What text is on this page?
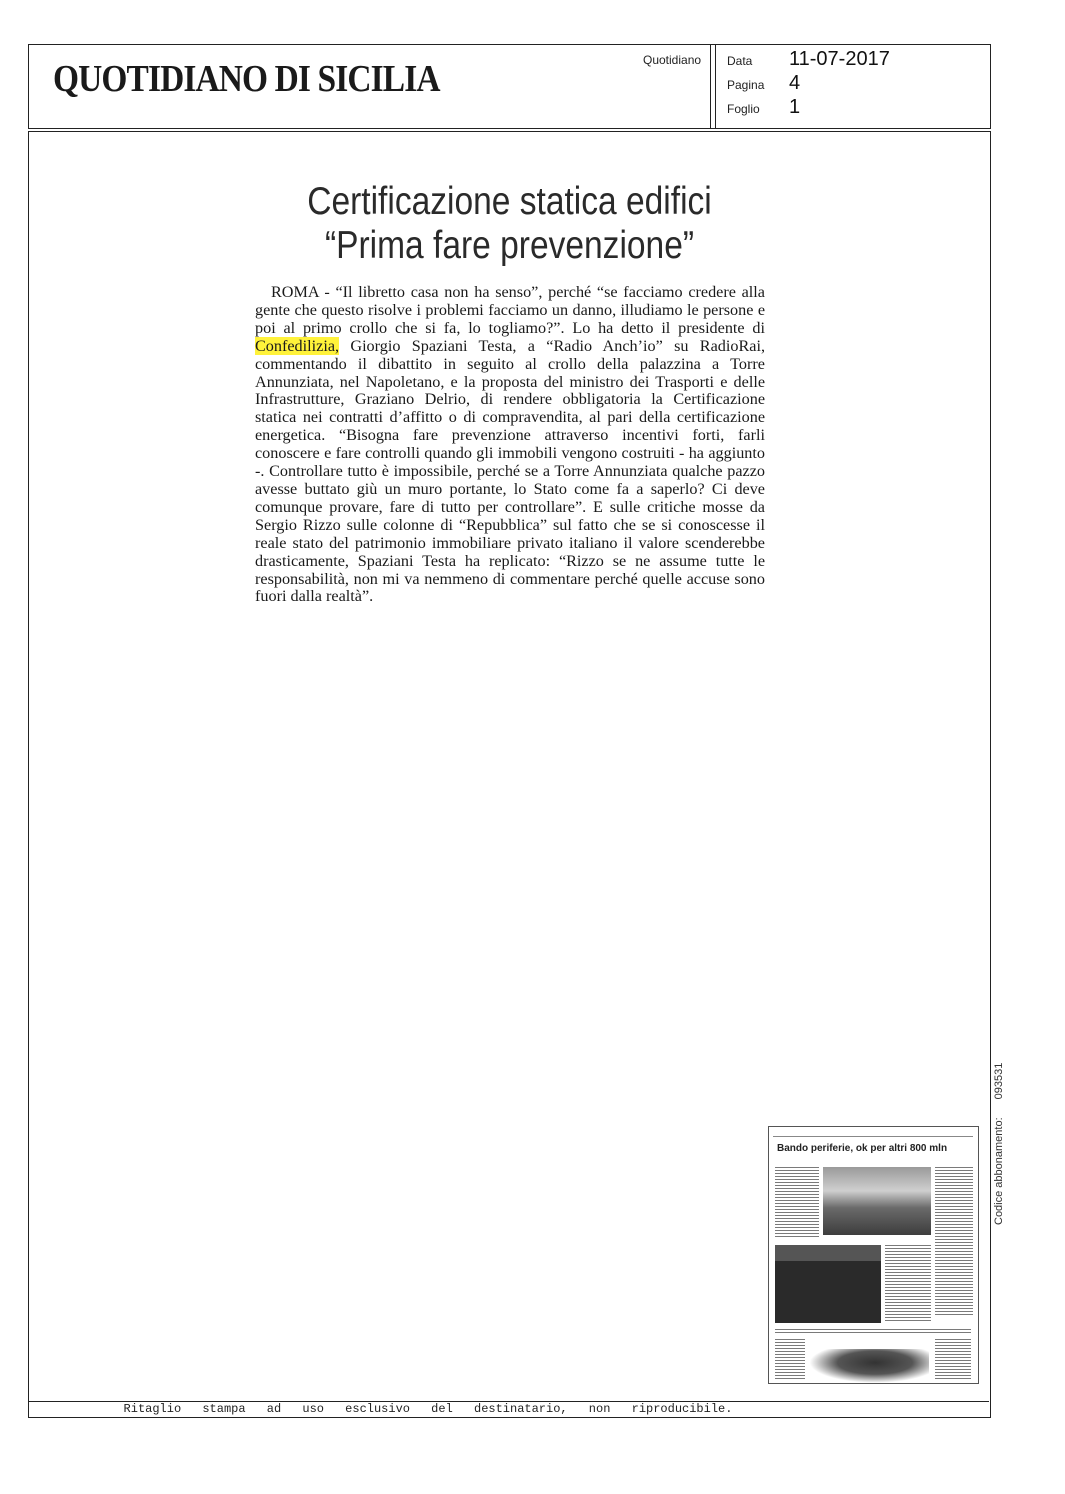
QUOTIDIANO DI SICILIA	Quotidiano Data 11-07-2017
Pagina 4
Foglio 1
Certificazione statica edifici
“Prima fare prevenzione”

ROMA - “Il libretto casa non ha senso”, perché “se facciamo credere alla gente che questo risolve i problemi facciamo un danno, illudiamo le persone e poi al primo crollo che si fa, lo togliamo?”. Lo ha detto il presidente di Confedilizia, Giorgio Spaziani Testa, a “Radio Anch’io” su RadioRai, commentando il dibattito in seguito al crollo della palazzina a Torre Annunziata, nel Napoletano, e la proposta del ministro dei Trasporti e delle Infrastrutture, Graziano Delrio, di rendere obbligatoria la Certificazione statica nei contratti d’affitto o di compravendita, al pari della certificazione energetica. “Bisogna fare prevenzione attraverso incentivi forti, farli conoscere e fare controlli quando gli immobili vengono costruiti - ha aggiunto -. Controllare tutto è impossibile, perché se a Torre Annunziata qualche pazzo avesse buttato giù un muro portante, lo Stato come fa a saperlo? Ci deve comunque provare, fare di tutto per controllare”. E sulle critiche mosse da Sergio Rizzo sulle colonne di “Repubblica” sul fatto che se si conoscesse il reale stato del patrimonio immobiliare privato italiano il valore scenderebbe drasticamente, Spaziani Testa ha replicato: “Rizzo se ne assume tutte le responsabilità, non mi va nemmeno di commentare perché quelle accuse sono fuori dalla realtà”.

Bando periferie, ok per altri 800 mln	Codice abbonamento:093531
Ritaglio stampa ad uso esclusivo del destinatario, non riproducibile.
